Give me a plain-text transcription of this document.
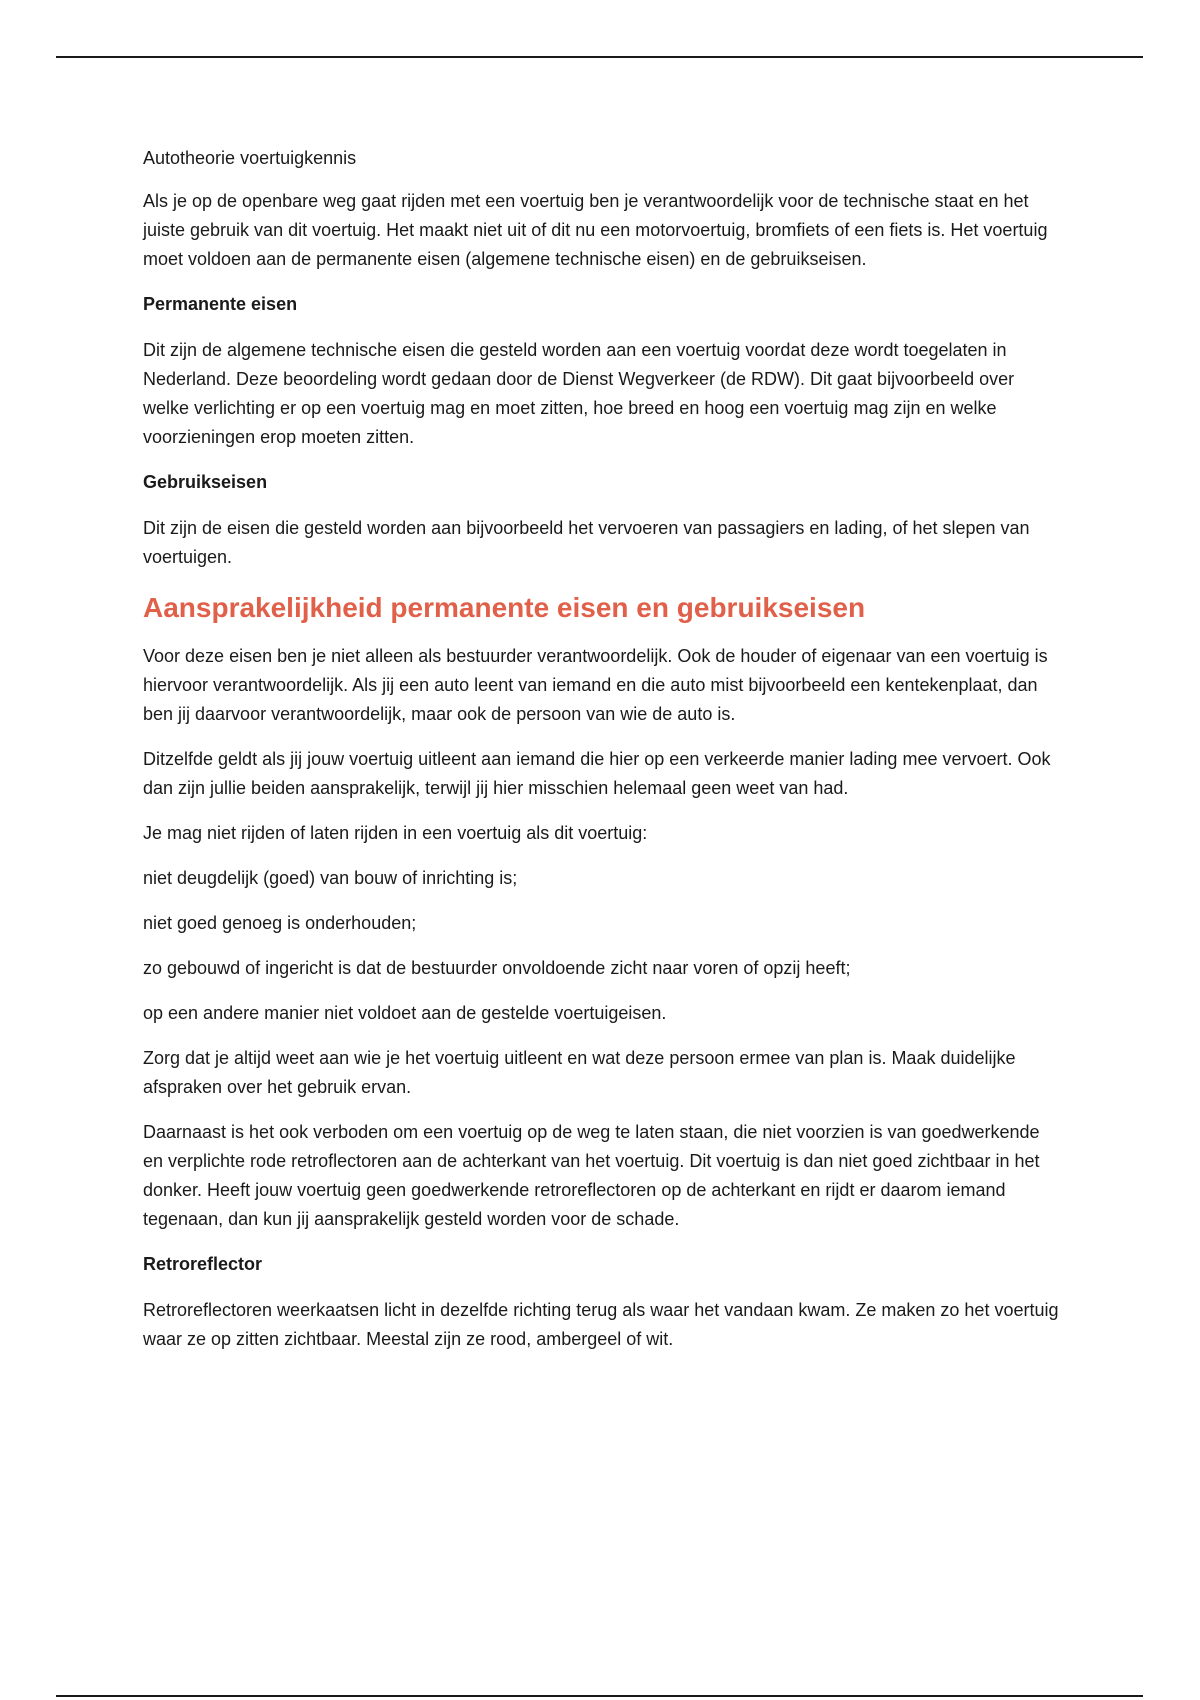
Autotheorie voertuigkennis

Als je op de openbare weg gaat rijden met een voertuig ben je verantwoordelijk voor de technische staat en het juiste gebruik van dit voertuig. Het maakt niet uit of dit nu een motorvoertuig, bromfiets of een fiets is. Het voertuig moet voldoen aan de permanente eisen (algemene technische eisen) en de gebruikseisen.

Permanente eisen

Dit zijn de algemene technische eisen die gesteld worden aan een voertuig voordat deze wordt toegelaten in Nederland. Deze beoordeling wordt gedaan door de Dienst Wegverkeer (de RDW). Dit gaat bijvoorbeeld over welke verlichting er op een voertuig mag en moet zitten, hoe breed en hoog een voertuig mag zijn en welke voorzieningen erop moeten zitten.

Gebruikseisen

Dit zijn de eisen die gesteld worden aan bijvoorbeeld het vervoeren van passagiers en lading, of het slepen van voertuigen.

Aansprakelijkheid permanente eisen en gebruikseisen

Voor deze eisen ben je niet alleen als bestuurder verantwoordelijk. Ook de houder of eigenaar van een voertuig is hiervoor verantwoordelijk. Als jij een auto leent van iemand en die auto mist bijvoorbeeld een kentekenplaat, dan ben jij daarvoor verantwoordelijk, maar ook de persoon van wie de auto is.

Ditzelfde geldt als jij jouw voertuig uitleent aan iemand die hier op een verkeerde manier lading mee vervoert. Ook dan zijn jullie beiden aansprakelijk, terwijl jij hier misschien helemaal geen weet van had.

Je mag niet rijden of laten rijden in een voertuig als dit voertuig:

niet deugdelijk (goed) van bouw of inrichting is;

niet goed genoeg is onderhouden;

zo gebouwd of ingericht is dat de bestuurder onvoldoende zicht naar voren of opzij heeft;

op een andere manier niet voldoet aan de gestelde voertuigeisen.

Zorg dat je altijd weet aan wie je het voertuig uitleent en wat deze persoon ermee van plan is. Maak duidelijke afspraken over het gebruik ervan.

Daarnaast is het ook verboden om een voertuig op de weg te laten staan, die niet voorzien is van goedwerkende en verplichte rode retroflectoren aan de achterkant van het voertuig. Dit voertuig is dan niet goed zichtbaar in het donker. Heeft jouw voertuig geen goedwerkende retroreflectoren op de achterkant en rijdt er daarom iemand tegenaan, dan kun jij aansprakelijk gesteld worden voor de schade.

Retroreflector

Retroreflectoren weerkaatsen licht in dezelfde richting terug als waar het vandaan kwam. Ze maken zo het voertuig waar ze op zitten zichtbaar. Meestal zijn ze rood, ambergeel of wit.
